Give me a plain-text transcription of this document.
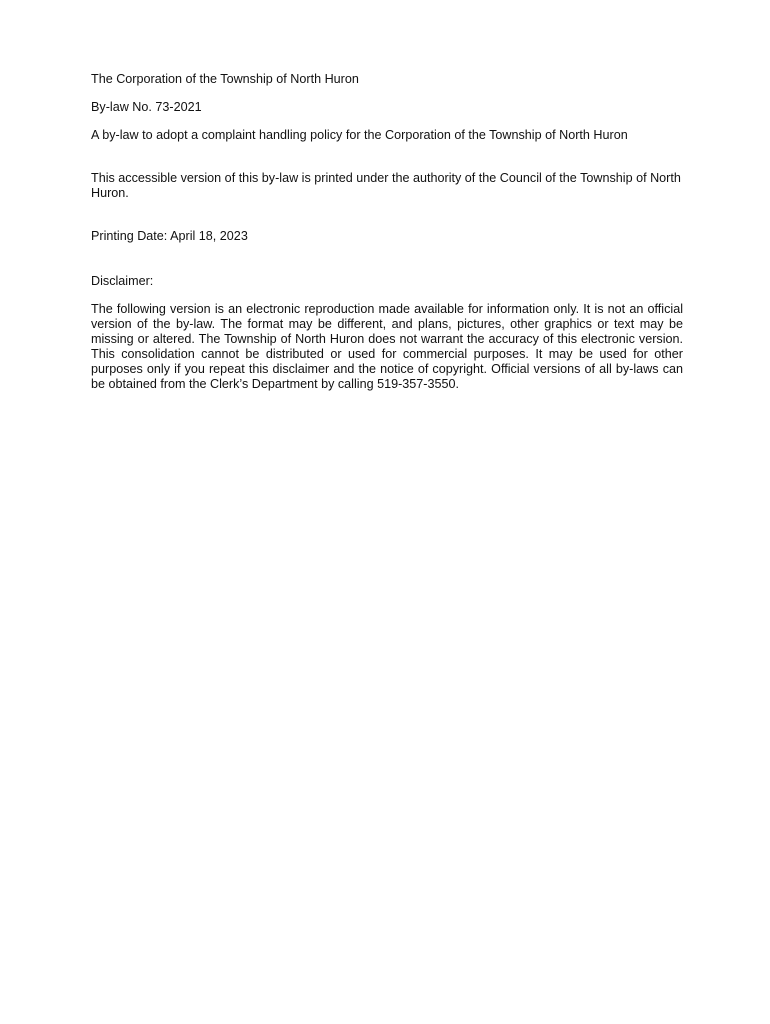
The Corporation of the Township of North Huron

By-law No. 73-2021

A by-law to adopt a complaint handling policy for the Corporation of the Township of North Huron

This accessible version of this by-law is printed under the authority of the Council of the Township of North Huron.

Printing Date: April 18, 2023

Disclaimer:

The following version is an electronic reproduction made available for information only. It is not an official version of the by-law. The format may be different, and plans, pictures, other graphics or text may be missing or altered. The Township of North Huron does not warrant the accuracy of this electronic version. This consolidation cannot be distributed or used for commercial purposes. It may be used for other purposes only if you repeat this disclaimer and the notice of copyright. Official versions of all by-laws can be obtained from the Clerk’s Department by calling 519-357-3550.
